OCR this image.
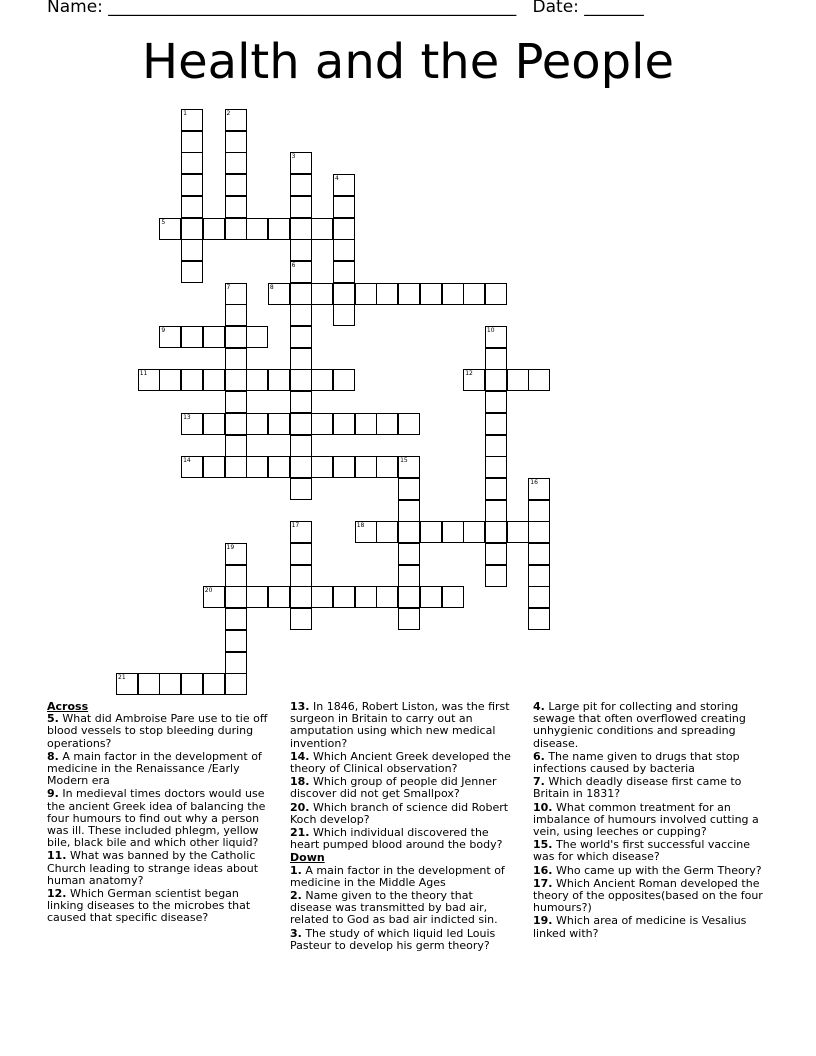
Name: ________________________________________________ Date: _______
Health and the People
1	2
3
4
5
6
7	8
9	10
11	12
13
14	15
16
17	18
19
20
21
Across
5. What did Ambroise Pare use to tie off blood vessels to stop bleeding during operations?
8. A main factor in the development of medicine in the Renaissance /Early Modern era
9. In medieval times doctors would use the ancient Greek idea of balancing the four humours to find out why a person was ill. These included phlegm, yellow bile, black bile and which other liquid?
11. What was banned by the Catholic Church leading to strange ideas about human anatomy?
12. Which German scientist began linking diseases to the microbes that caused that specific disease?
13. In 1846, Robert Liston, was the first surgeon in Britain to carry out an amputation using which new medical invention?
14. Which Ancient Greek developed the theory of Clinical observation?
18. Which group of people did Jenner discover did not get Smallpox?
20. Which branch of science did Robert Koch develop?
21. Which individual discovered the heart pumped blood around the body?
Down
1. A main factor in the development of medicine in the Middle Ages
2. Name given to the theory that disease was transmitted by bad air, related to God as bad air indicted sin.
3. The study of which liquid led Louis Pasteur to develop his germ theory?
4. Large pit for collecting and storing sewage that often overflowed creating unhygienic conditions and spreading disease.
6. The name given to drugs that stop infections caused by bacteria
7. Which deadly disease first came to Britain in 1831?
10. What common treatment for an imbalance of humours involved cutting a vein, using leeches or cupping?
15. The world's first successful vaccine was for which disease?
16. Who came up with the Germ Theory?
17. Which Ancient Roman developed the theory of the opposites(based on the four humours?)
19. Which area of medicine is Vesalius linked with?
